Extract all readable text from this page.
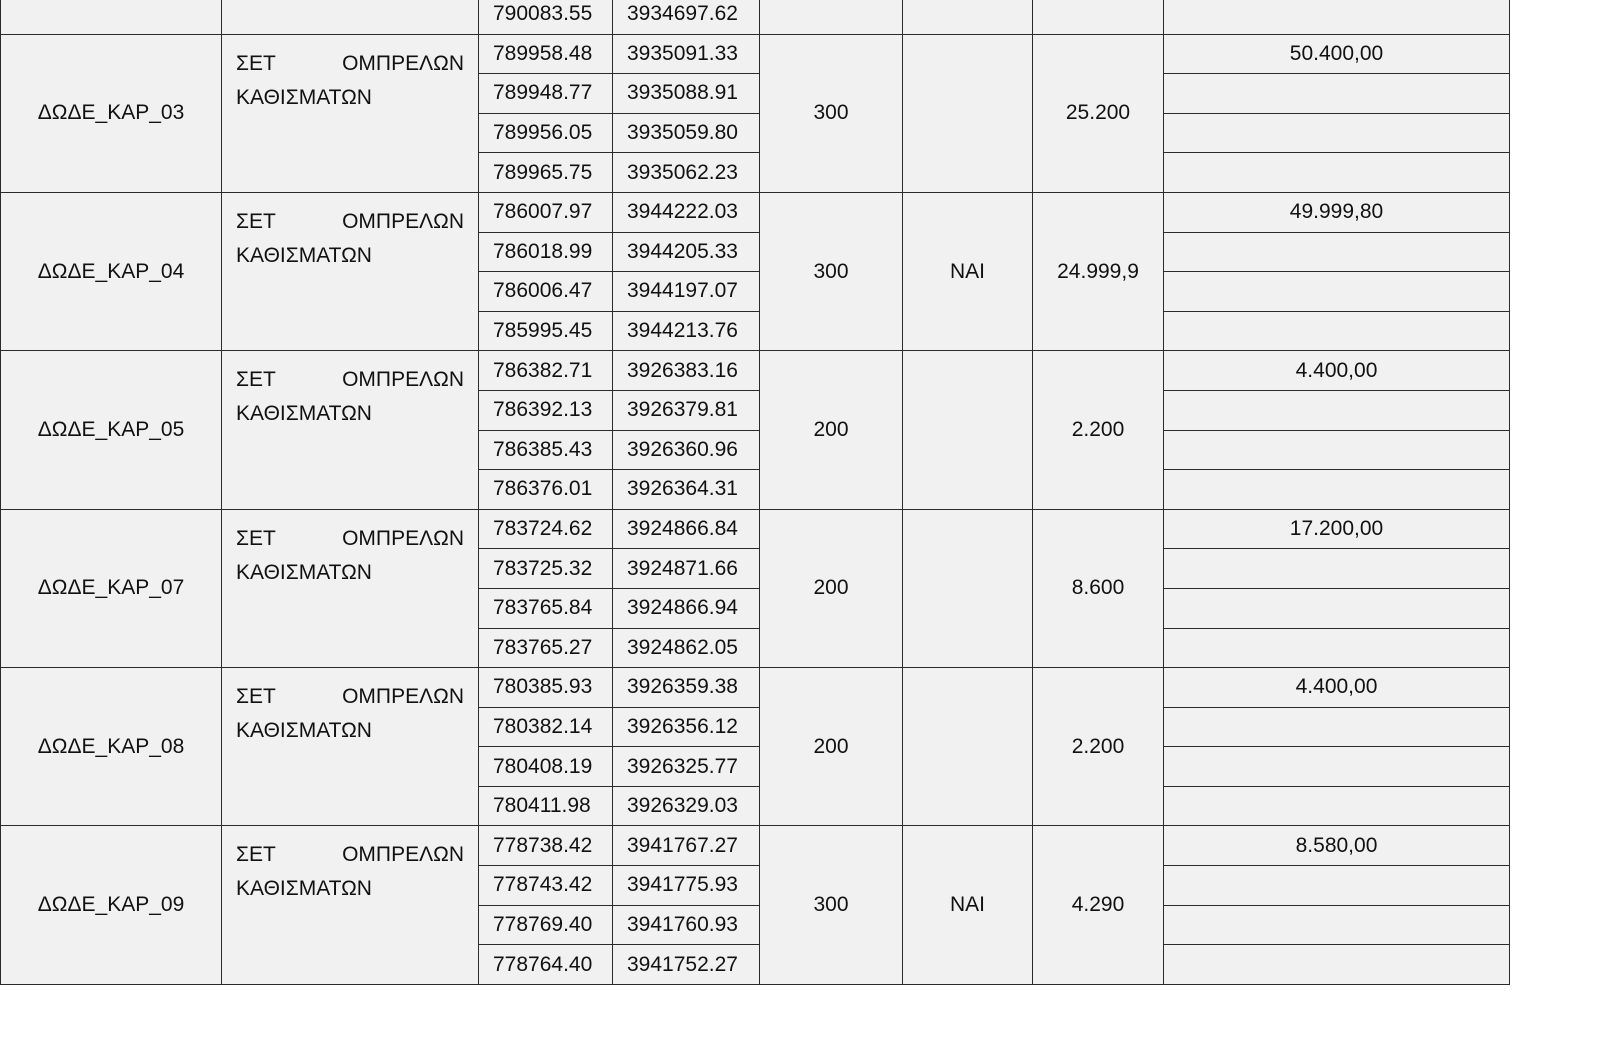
		790083.55	3934697.62				
ΔΩΔΕ_ΚΑΡ_03	ΣΕΤ ΟΜΠΡΕΛΩΝ ΚΑΘΙΣΜΑΤΩΝ	789958.48	3935091.33	300		25.200	50.400,00
		789948.77	3935088.91				
		789956.05	3935059.80				
		789965.75	3935062.23				
ΔΩΔΕ_ΚΑΡ_04	ΣΕΤ ΟΜΠΡΕΛΩΝ ΚΑΘΙΣΜΑΤΩΝ	786007.97	3944222.03	300	ΝΑΙ	24.999,9	49.999,80
		786018.99	3944205.33				
		786006.47	3944197.07				
		785995.45	3944213.76				
ΔΩΔΕ_ΚΑΡ_05	ΣΕΤ ΟΜΠΡΕΛΩΝ ΚΑΘΙΣΜΑΤΩΝ	786382.71	3926383.16	200		2.200	4.400,00
		786392.13	3926379.81				
		786385.43	3926360.96				
		786376.01	3926364.31				
ΔΩΔΕ_ΚΑΡ_07	ΣΕΤ ΟΜΠΡΕΛΩΝ ΚΑΘΙΣΜΑΤΩΝ	783724.62	3924866.84	200		8.600	17.200,00
		783725.32	3924871.66				
		783765.84	3924866.94				
		783765.27	3924862.05				
ΔΩΔΕ_ΚΑΡ_08	ΣΕΤ ΟΜΠΡΕΛΩΝ ΚΑΘΙΣΜΑΤΩΝ	780385.93	3926359.38	200		2.200	4.400,00
		780382.14	3926356.12				
		780408.19	3926325.77				
		780411.98	3926329.03				
ΔΩΔΕ_ΚΑΡ_09	ΣΕΤ ΟΜΠΡΕΛΩΝ ΚΑΘΙΣΜΑΤΩΝ	778738.42	3941767.27	300	ΝΑΙ	4.290	8.580,00
		778743.42	3941775.93				
		778769.40	3941760.93				
		778764.40	3941752.27				
